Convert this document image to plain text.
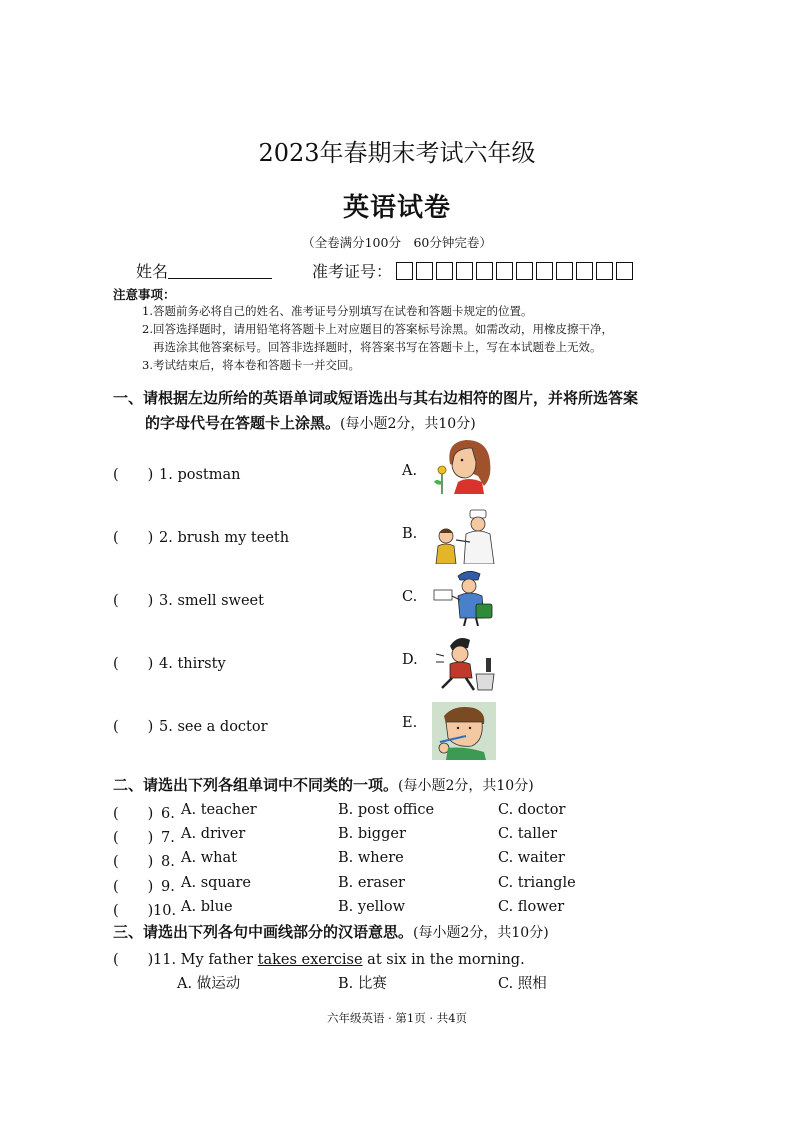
2023年春期末考试六年级
英语试卷
（全卷满分100分　60分钟完卷）
姓名	准考证号：
注意事项：
1.答题前务必将自己的姓名、准考证号分别填写在试卷和答题卡规定的位置。
2.回答选择题时，请用铅笔将答题卡上对应题目的答案标号涂黑。如需改动，用橡皮擦干净，
再选涂其他答案标号。回答非选择题时，将答案书写在答题卡上，写在本试题卷上无效。
3.考试结束后，将本卷和答题卡一并交回。
一、请根据左边所给的英语单词或短语选出与其右边相符的图片，并将所选答案
的字母代号在答题卡上涂黑。(每小题2分，共10分)
(　　) 1. postman	A.
(　　) 2. brush my teeth	B.
(　　) 3. smell sweet	C.
(　　) 4. thirsty	D.
(　　) 5. see a doctor	E.
二、请选出下列各组单词中不同类的一项。(每小题2分，共10分)
(　　) 6. A. teacher	B. post office	C. doctor
(　　) 7. A. driver	B. bigger	C. taller
(　　) 8. A. what	B. where	C. waiter
(　　) 9. A. square	B. eraser	C. triangle
(　　)10. A. blue	B. yellow	C. flower
三、请选出下列各句中画线部分的汉语意思。(每小题2分，共10分)
(　　)11. My father takes exercise at six in the morning.
A. 做运动	B. 比赛	C. 照相
六年级英语 · 第1页 · 共4页
